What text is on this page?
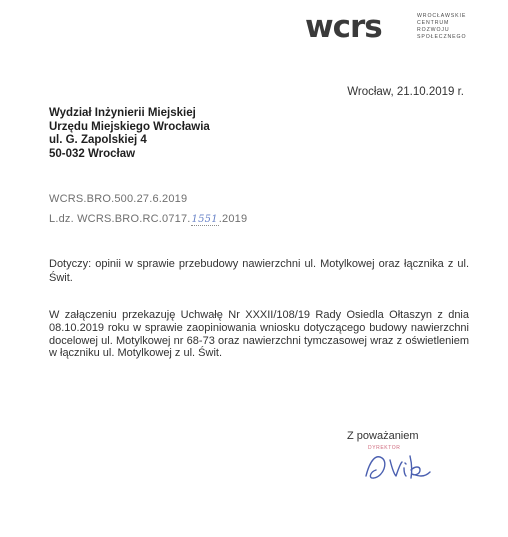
wcrs	WROCŁAWSKIE
CENTRUM
ROZWOJU
SPOŁECZNEGO
Wrocław, 21.10.2019 r.
Wydział Inżynierii Miejskiej
Urzędu Miejskiego Wrocławia
ul. G. Zapolskiej 4
50-032 Wrocław
WCRS.BRO.500.27.6.2019
L.dz. WCRS.BRO.RC.0717.1551.2019
Dotyczy: opinii w sprawie przebudowy nawierzchni ul. Motylkowej oraz łącznika z ul. Świt.
W załączeniu przekazuję Uchwałę Nr XXXII/108/19 Rady Osiedla Ołtaszyn z dnia 08.10.2019 roku w sprawie zaopiniowania wniosku dotyczącego budowy nawierzchni docelowej ul. Motylkowej nr 68-73 oraz nawierzchni tymczasowej wraz z oświetleniem w łączniku ul. Motylkowej z ul. Świt.
Z poważaniem
DYREKTOR
